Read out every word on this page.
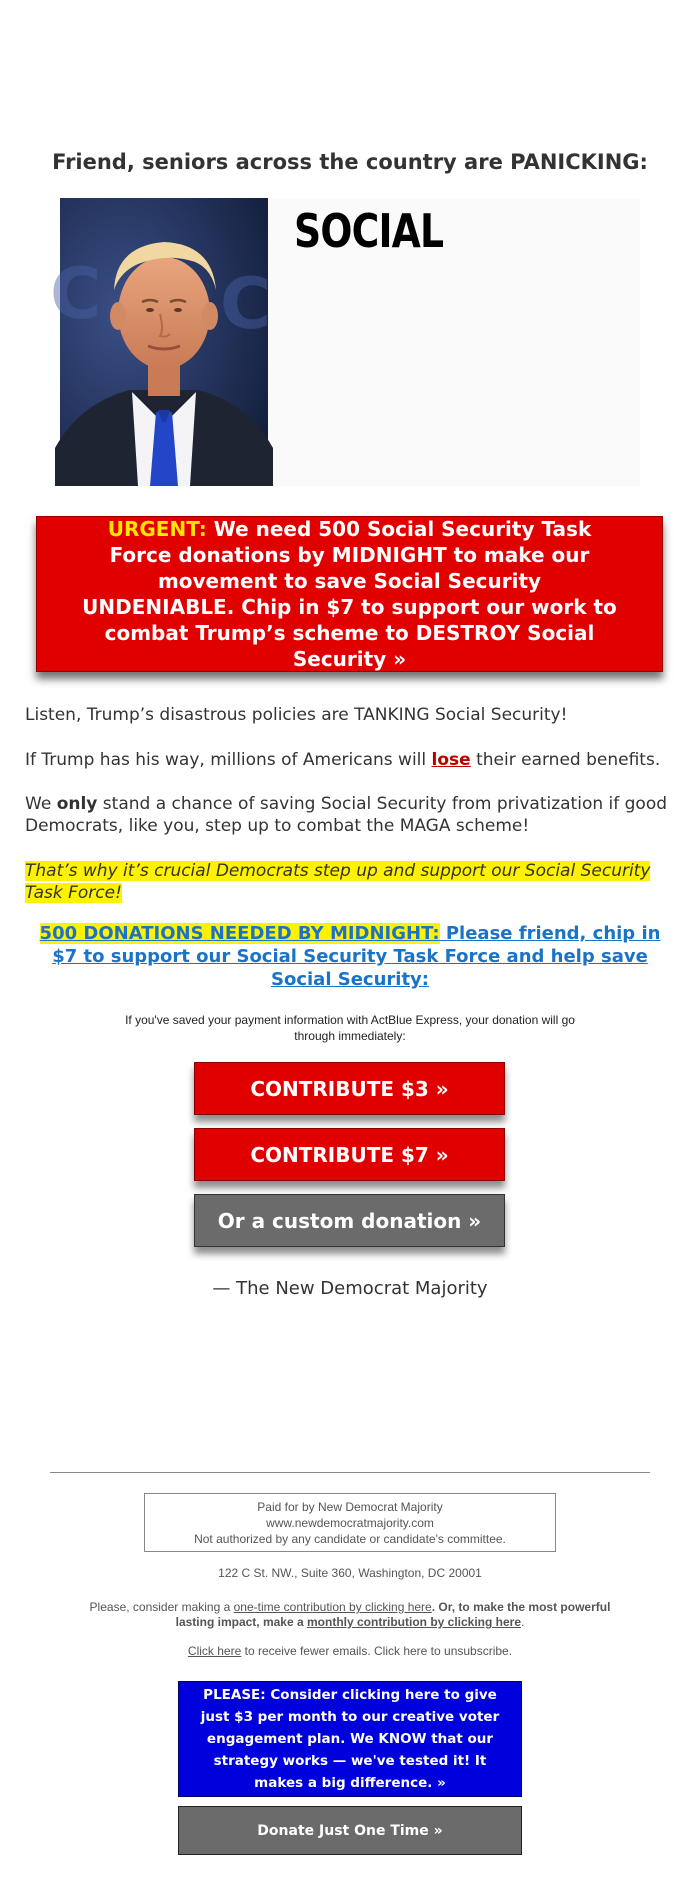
Friend, seniors across the country are PANICKING:
C C
SOCIAL
URGENT: We need 500 Social Security Task Force donations by MIDNIGHT to make our movement to save Social Security UNDENIABLE. Chip in $7 to support our work to combat Trump’s scheme to DESTROY Social Security »

Listen, Trump’s disastrous policies are TANKING Social Security!

If Trump has his way, millions of Americans will lose their earned benefits.

We only stand a chance of saving Social Security from privatization if good Democrats, like you, step up to combat the MAGA scheme!

That’s why it’s crucial Democrats step up and support our Social Security Task Force!

500 DONATIONS NEEDED BY MIDNIGHT: Please friend, chip in $7 to support our Social Security Task Force and help save Social Security:

If you've saved your payment information with ActBlue Express, your donation will go through immediately:

CONTRIBUTE $3 »
CONTRIBUTE $7 »
Or a custom donation »
— The New Democrat Majority
Paid for by New Democrat Majority
www.newdemocratmajority.com
Not authorized by any candidate or candidate's committee.
122 C St. NW., Suite 360, Washington, DC 20001

Please, consider making a one-time contribution by clicking here. Or, to make the most powerful lasting impact, make a monthly contribution by clicking here.

Click here to receive fewer emails. Click here to unsubscribe.
PLEASE: Consider clicking here to give just $3 per month to our creative voter engagement plan. We KNOW that our strategy works — we've tested it! It makes a big difference. »
Donate Just One Time »
